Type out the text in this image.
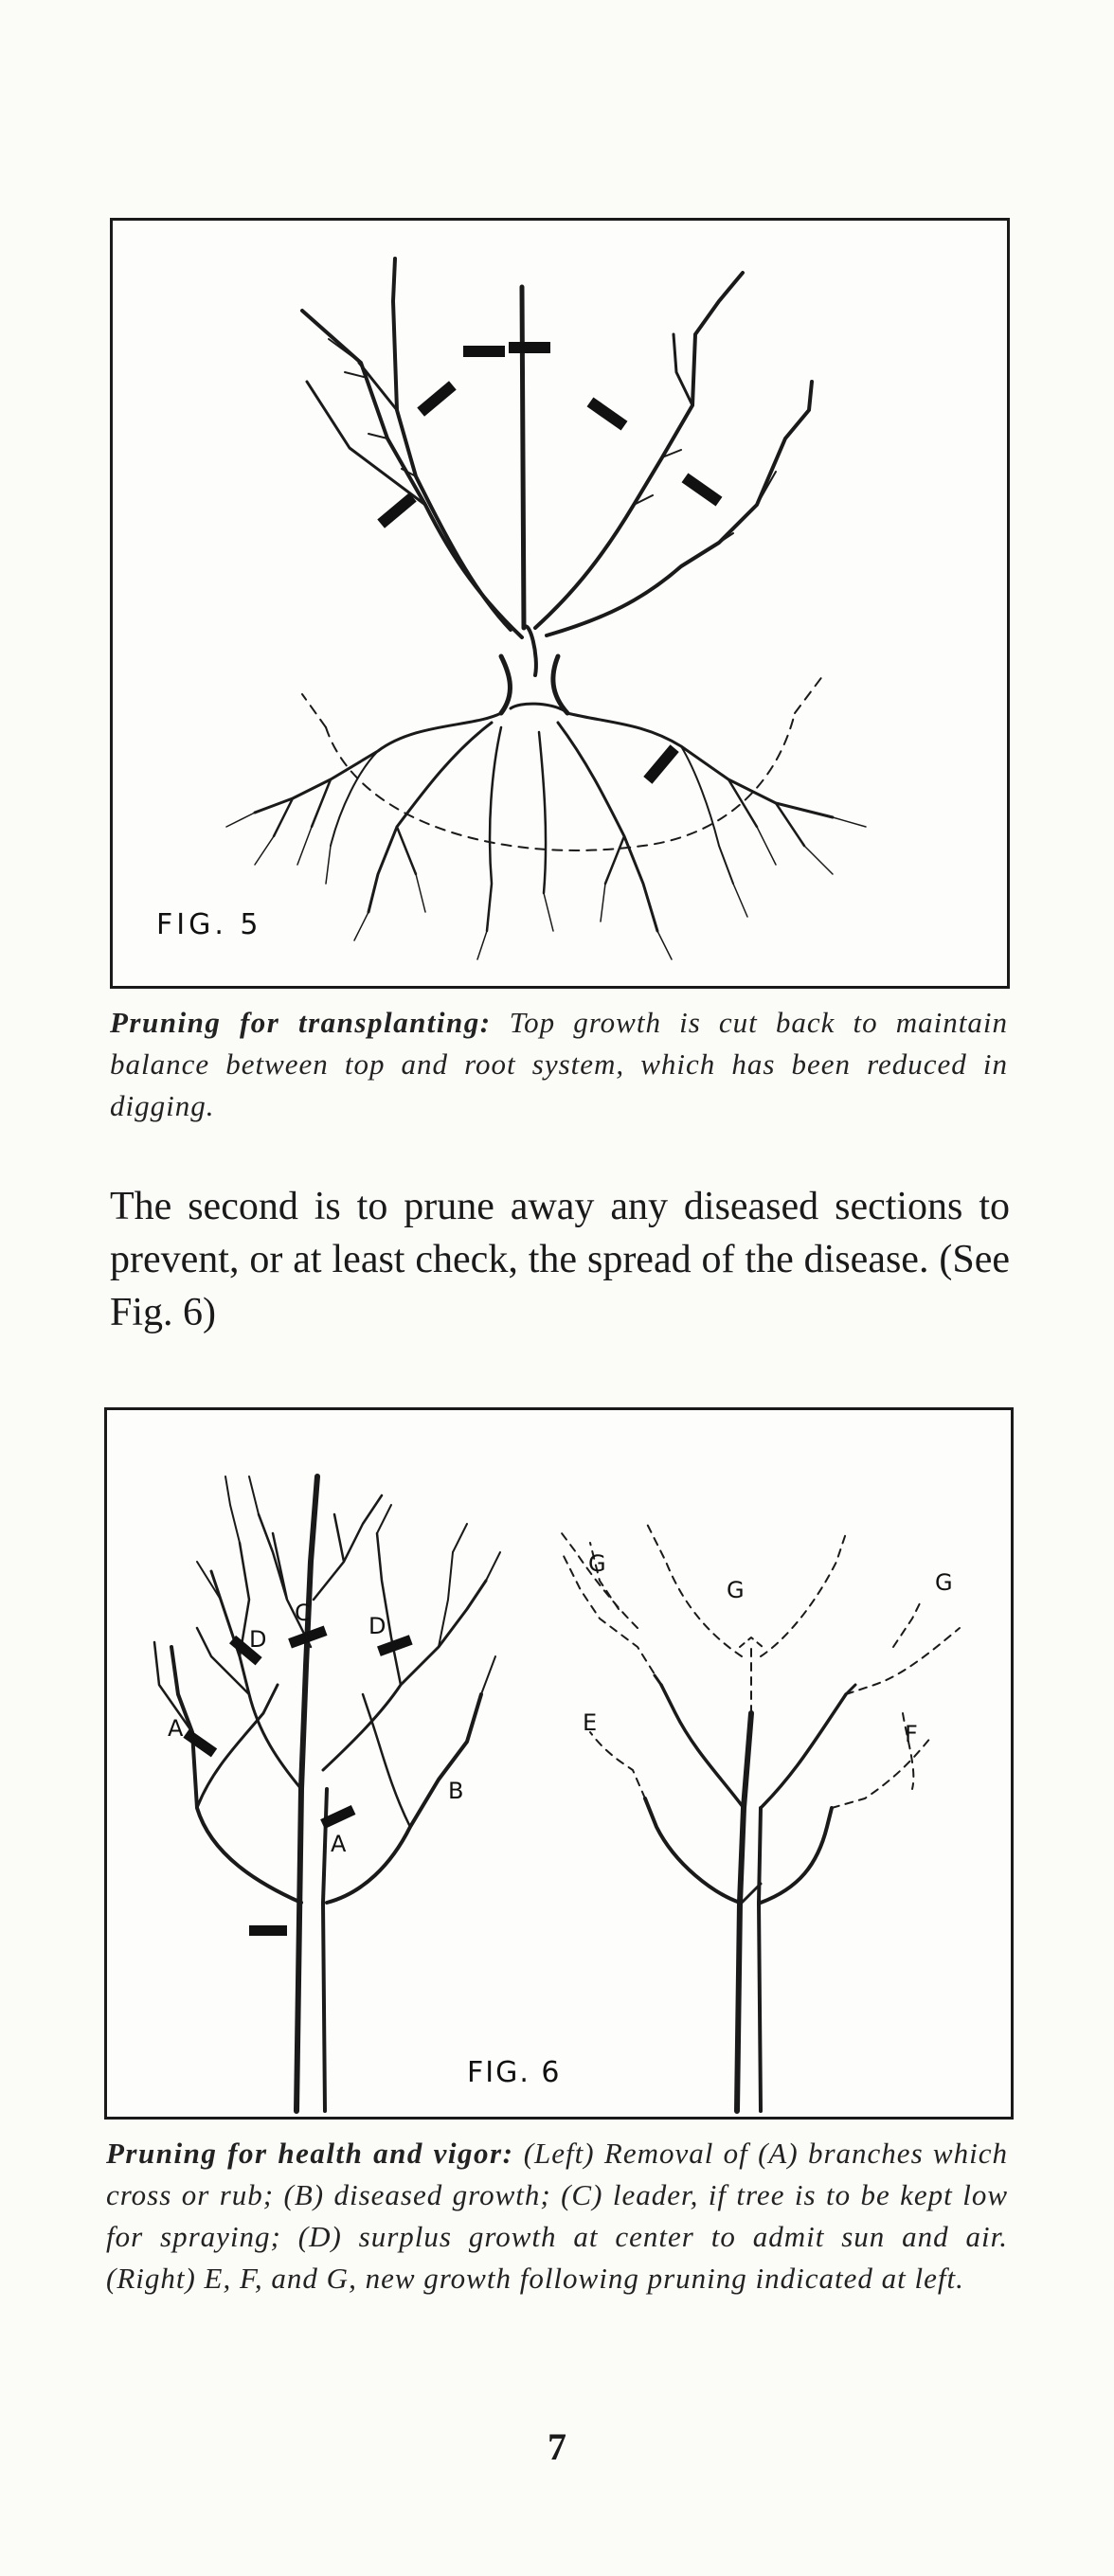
FIG. 5
Pruning for transplanting: Top growth is cut back to maintain balance between top and root system, which has been reduced in digging.
The second is to prune away any diseased sections to prevent, or at least check, the spread of the disease. (See Fig. 6)
A
D
C	D
A
B
G
G	G
E	F
FIG. 6
Pruning for health and vigor: (Left) Removal of (A) branches which cross or rub; (B) diseased growth; (C) leader, if tree is to be kept low for spraying; (D) surplus growth at center to admit sun and air. (Right) E, F, and G, new growth following pruning indicated at left.
7
